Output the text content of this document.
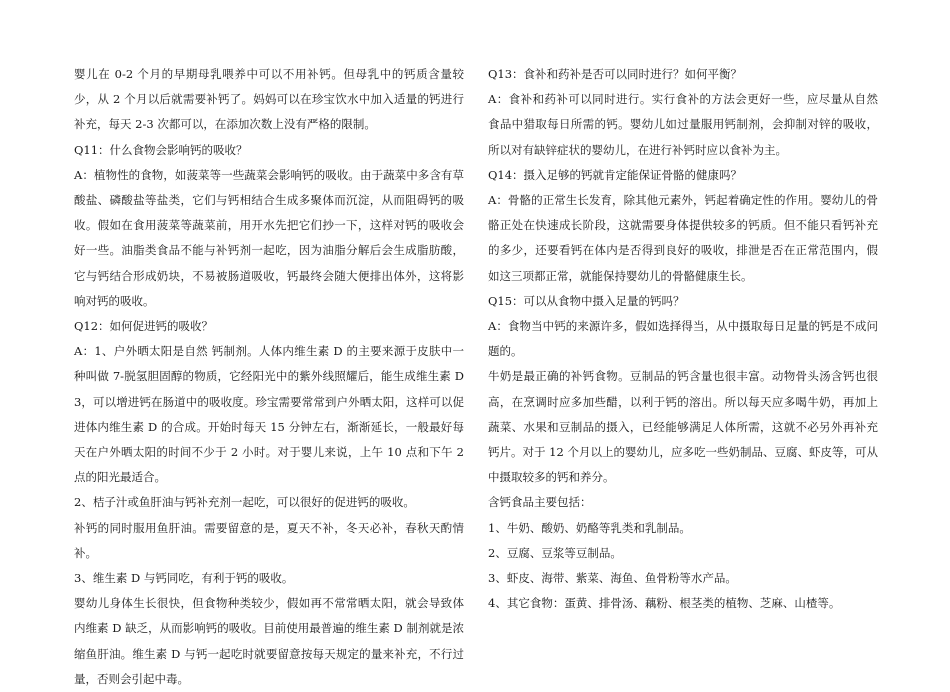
婴儿在 0-2 个月的早期母乳喂养中可以不用补钙。但母乳中的钙质含量较少，从 2 个月以后就需要补钙了。妈妈可以在珍宝饮水中加入适量的钙进行补充，每天 2-3 次都可以，在添加次数上没有严格的限制。

Q11：什么食物会影响钙的吸收？

A：植物性的食物，如菠菜等一些蔬菜会影响钙的吸收。由于蔬菜中多含有草酸盐、磷酸盐等盐类，它们与钙相结合生成多聚体而沉淀，从而阻碍钙的吸收。假如在食用菠菜等蔬菜前，用开水先把它们抄一下，这样对钙的吸收会好一些。油脂类食品不能与补钙剂一起吃，因为油脂分解后会生成脂肪酸，它与钙结合形成奶块，不易被肠道吸收，钙最终会随大便排出体外，这将影响对钙的吸收。

Q12：如何促进钙的吸收？

A：1、户外晒太阳是自然 钙制剂。人体内维生素 D 的主要来源于皮肤中一种叫做 7-脱氢胆固醇的物质，它经阳光中的紫外线照耀后，能生成维生素 D3，可以增进钙在肠道中的吸收度。珍宝需要常常到户外晒太阳，这样可以促进体内维生素 D 的合成。开始时每天 15 分钟左右，渐渐延长，一般最好每天在户外晒太阳的时间不少于 2 小时。对于婴儿来说，上午 10 点和下午 2 点的阳光最适合。

2、桔子汁或鱼肝油与钙补充剂一起吃，可以很好的促进钙的吸收。

补钙的同时服用鱼肝油。需要留意的是，夏天不补，冬天必补，春秋天酌情补。

3、维生素 D 与钙同吃，有利于钙的吸收。

婴幼儿身体生长很快，但食物种类较少，假如再不常常晒太阳，就会导致体内维素 D 缺乏，从而影响钙的吸收。目前使用最普遍的维生素 D 制剂就是浓缩鱼肝油。维生素 D 与钙一起吃时就要留意按每天规定的量来补充，不行过量，否则会引起中毒。

Q13：食补和药补是否可以同时进行？如何平衡？

A：食补和药补可以同时进行。实行食补的方法会更好一些，应尽量从自然 食品中猎取每日所需的钙。婴幼儿如过量服用钙制剂，会抑制对锌的吸收，所以对有缺锌症状的婴幼儿，在进行补钙时应以食补为主。

Q14：摄入足够的钙就肯定能保证骨骼的健康吗？

A：骨骼的正常生长发育，除其他元素外，钙起着确定性的作用。婴幼儿的骨骼正处在快速成长阶段，这就需要身体提供较多的钙质。但不能只看钙补充的多少，还要看钙在体内是否得到良好的吸收，排泄是否在正常范围内，假如这三项都正常，就能保持婴幼儿的骨骼健康生长。

Q15：可以从食物中摄入足量的钙吗？

A：食物当中钙的来源许多，假如选择得当，从中摄取每日足量的钙是不成问题的。

牛奶是最正确的补钙食物。豆制品的钙含量也很丰富。动物骨头汤含钙也很高，在烹调时应多加些醋，以利于钙的溶出。所以每天应多喝牛奶，再加上蔬菜、水果和豆制品的摄入，已经能够满足人体所需，这就不必另外再补充钙片。对于 12 个月以上的婴幼儿，应多吃一些奶制品、豆腐、虾皮等，可从中摄取较多的钙和养分。

含钙食品主要包括：

1、牛奶、酸奶、奶酪等乳类和乳制品。

2、豆腐、豆浆等豆制品。

3、虾皮、海带、紫菜、海鱼、鱼骨粉等水产品。

4、其它食物：蛋黄、排骨汤、藕粉、根茎类的植物、芝麻、山楂等。
